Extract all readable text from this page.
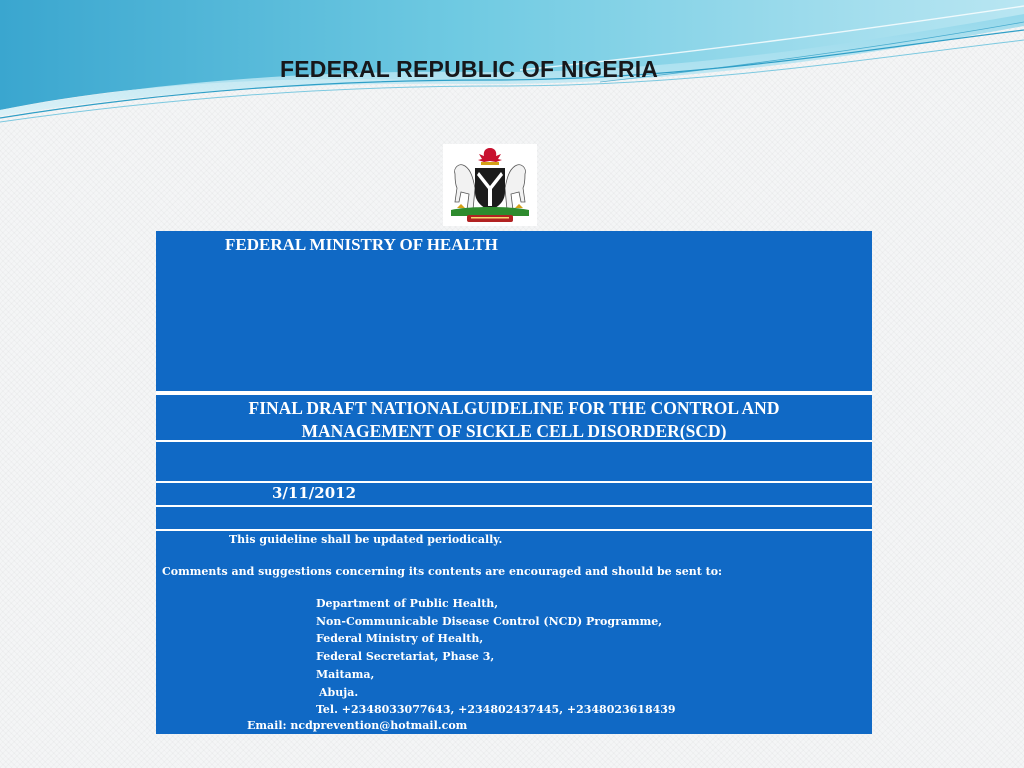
FEDERAL REPUBLIC OF NIGERIA
FEDERAL MINISTRY OF HEALTH
FINAL DRAFT NATIONALGUIDELINE FOR THE CONTROL AND
MANAGEMENT OF SICKLE CELL DISORDER(SCD)
3/11/2012
This guideline shall be updated periodically.
Comments and suggestions concerning its contents are encouraged and should be sent to:
Department of Public Health,
Non-Communicable Disease Control (NCD) Programme,
Federal Ministry of Health,
Federal Secretariat, Phase 3,
Maitama,
Abuja.
Tel. +2348033077643, +234802437445, +2348023618439
Email: ncdprevention@hotmail.com
